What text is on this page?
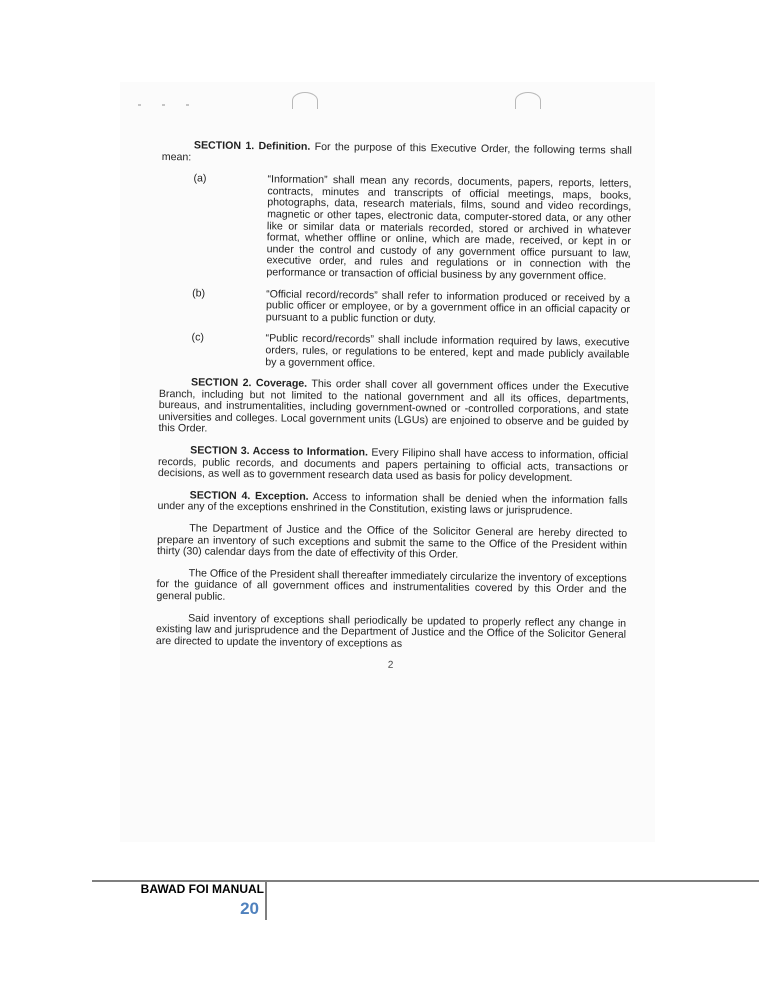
SECTION 1. Definition. For the purpose of this Executive Order, the following terms shall mean:

(a)	“Information” shall mean any records, documents, papers, reports, letters, contracts, minutes and transcripts of official meetings, maps, books, photographs, data, research materials, films, sound and video recordings, magnetic or other tapes, electronic data, computer-stored data, or any other like or similar data or materials recorded, stored or archived in whatever format, whether offline or online, which are made, received, or kept in or under the control and custody of any government office pursuant to law, executive order, and rules and regulations or in connection with the performance or transaction of official business by any government office.
(b)	“Official record/records” shall refer to information produced or received by a public officer or employee, or by a government office in an official capacity or pursuant to a public function or duty.
(c)	“Public record/records” shall include information required by laws, executive orders, rules, or regulations to be entered, kept and made publicly available by a government office.

SECTION 2. Coverage. This order shall cover all government offices under the Executive Branch, including but not limited to the national government and all its offices, departments, bureaus, and instrumentalities, including government-owned or -controlled corporations, and state universities and colleges. Local government units (LGUs) are enjoined to observe and be guided by this Order.

SECTION 3. Access to Information. Every Filipino shall have access to information, official records, public records, and documents and papers pertaining to official acts, transactions or decisions, as well as to government research data used as basis for policy development.

SECTION 4. Exception. Access to information shall be denied when the information falls under any of the exceptions enshrined in the Constitution, existing laws or jurisprudence.

The Department of Justice and the Office of the Solicitor General are hereby directed to prepare an inventory of such exceptions and submit the same to the Office of the President within thirty (30) calendar days from the date of effectivity of this Order.

The Office of the President shall thereafter immediately circularize the inventory of exceptions for the guidance of all government offices and instrumentalities covered by this Order and the general public.

Said inventory of exceptions shall periodically be updated to properly reflect any change in existing law and jurisprudence and the Department of Justice and the Office of the Solicitor General are directed to update the inventory of exceptions as

2
BAWAD FOI MANUAL
20
